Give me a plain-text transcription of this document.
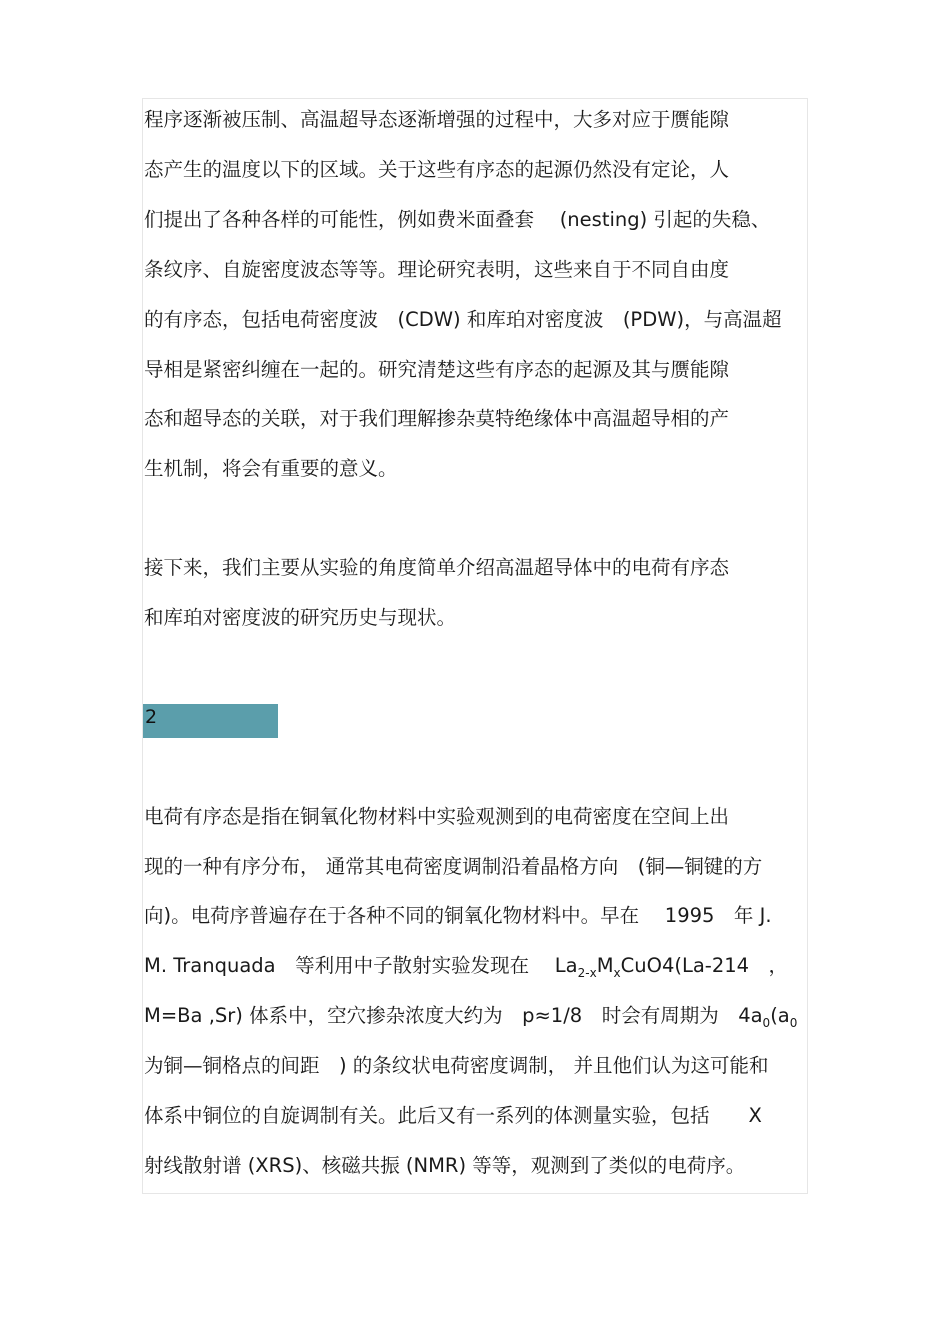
程序逐渐被压制、高温超导态逐渐增强的过程中，大多对应于赝能隙
态产生的温度以下的区域。关于这些有序态的起源仍然没有定论，人
们提出了各种各样的可能性，例如费米面叠套　 (nesting) 引起的失稳、
条纹序、自旋密度波态等等。理论研究表明，这些来自于不同自由度
的有序态，包括电荷密度波　(CDW) 和库珀对密度波　(PDW)，与高温超
导相是紧密纠缠在一起的。研究清楚这些有序态的起源及其与赝能隙
态和超导态的关联，对于我们理解掺杂莫特绝缘体中高温超导相的产
生机制，将会有重要的意义。
接下来，我们主要从实验的角度简单介绍高温超导体中的电荷有序态
和库珀对密度波的研究历史与现状。
2
电荷有序态是指在铜氧化物材料中实验观测到的电荷密度在空间上出
现的一种有序分布， 通常其电荷密度调制沿着晶格方向　(铜—铜键的方
向)。电荷序普遍存在于各种不同的铜氧化物材料中。早在　 1995　年 J.
M. Tranquada　等利用中子散射实验发现在　 $La_{2-x}M_xCuO4(La-214$　，
M=Ba ,Sr) 体系中，空穴掺杂浓度大约为　p≈1/8　时会有周期为　$4a_0(a_0$
为铜—铜格点的间距　) 的条纹状电荷密度调制， 并且他们认为这可能和
体系中铜位的自旋调制有关。此后又有一系列的体测量实验，包括　　X
射线散射谱 (XRS)、核磁共振 (NMR) 等等，观测到了类似的电荷序。
